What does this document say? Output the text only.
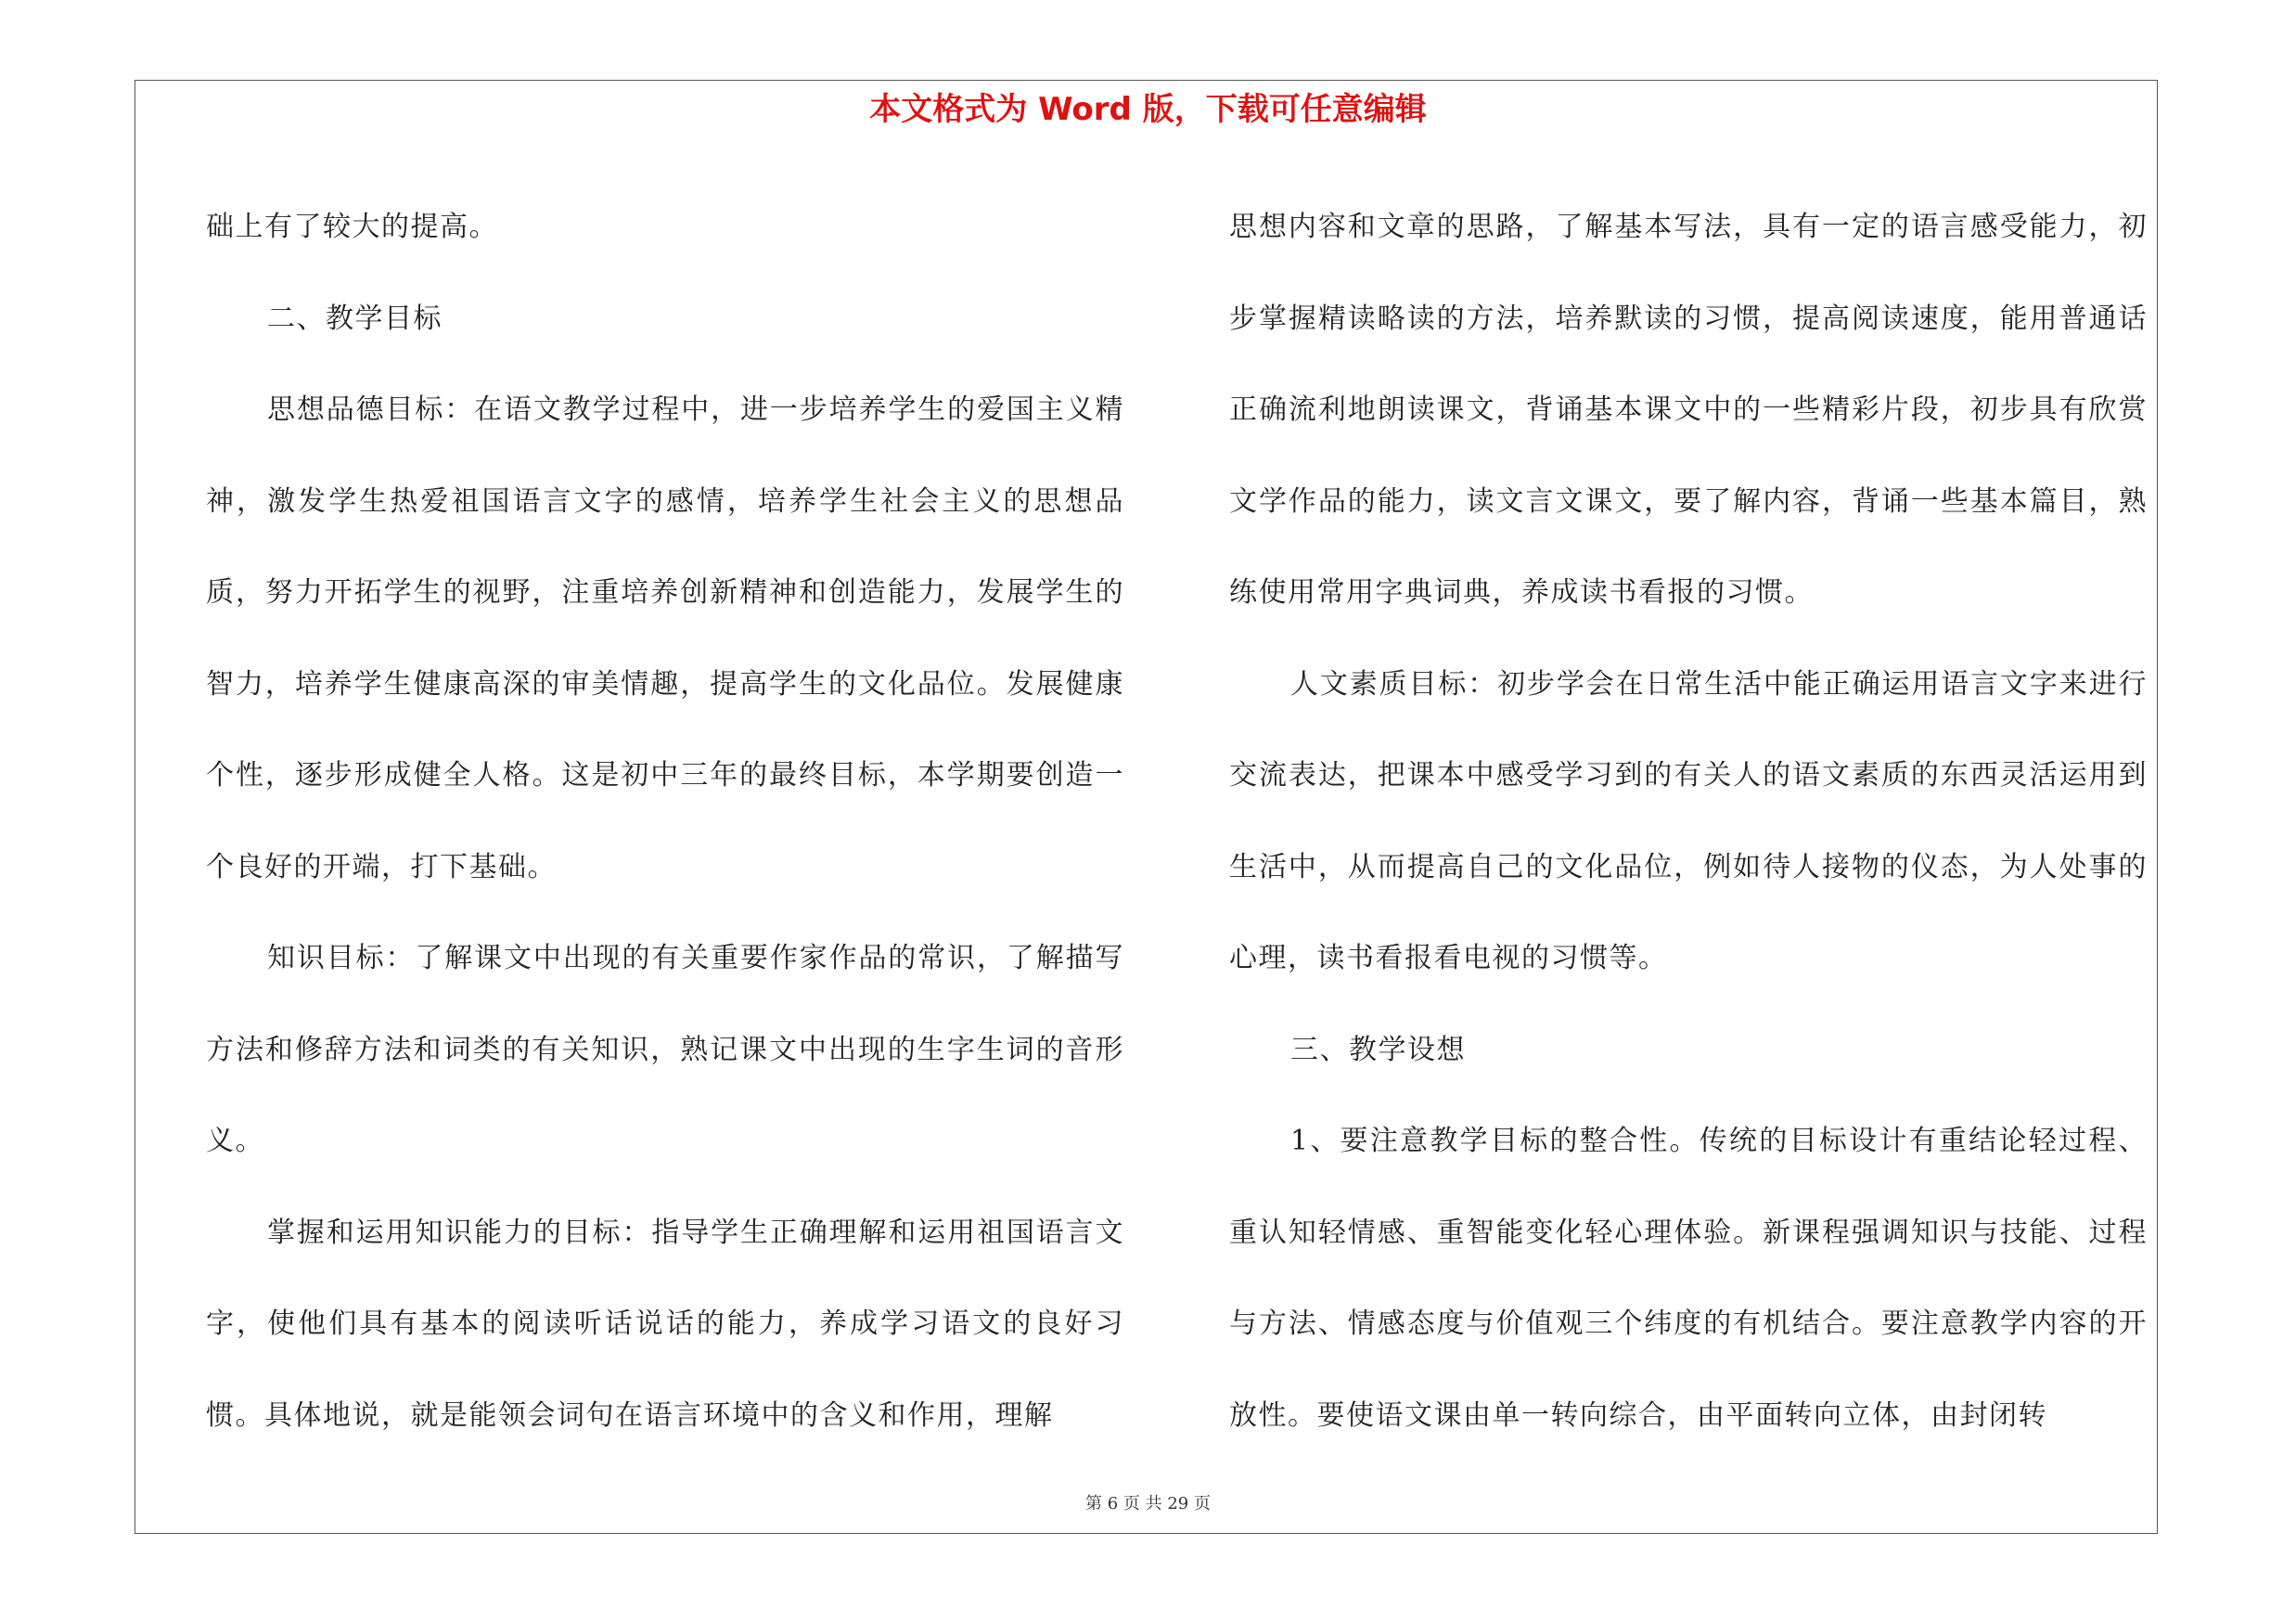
本文格式为 Word 版，下载可任意编辑

础上有了较大的提高。

二、教学目标

思想品德目标：在语文教学过程中，进一步培养学生的爱国主义精神，激发学生热爱祖国语言文字的感情，培养学生社会主义的思想品质，努力开拓学生的视野，注重培养创新精神和创造能力，发展学生的智力，培养学生健康高深的审美情趣，提高学生的文化品位。发展健康个性，逐步形成健全人格。这是初中三年的最终目标，本学期要创造一个良好的开端，打下基础。

知识目标：了解课文中出现的有关重要作家作品的常识，了解描写方法和修辞方法和词类的有关知识，熟记课文中出现的生字生词的音形义。

掌握和运用知识能力的目标：指导学生正确理解和运用祖国语言文字，使他们具有基本的阅读听话说话的能力，养成学习语文的良好习惯。具体地说，就是能领会词句在语言环境中的含义和作用，理解

思想内容和文章的思路，了解基本写法，具有一定的语言感受能力，初步掌握精读略读的方法，培养默读的习惯，提高阅读速度，能用普通话正确流利地朗读课文，背诵基本课文中的一些精彩片段，初步具有欣赏文学作品的能力，读文言文课文，要了解内容，背诵一些基本篇目，熟练使用常用字典词典，养成读书看报的习惯。

人文素质目标：初步学会在日常生活中能正确运用语言文字来进行交流表达，把课本中感受学习到的有关人的语文素质的东西灵活运用到生活中，从而提高自己的文化品位，例如待人接物的仪态，为人处事的心理，读书看报看电视的习惯等。

三、教学设想

1、要注意教学目标的整合性。传统的目标设计有重结论轻过程、重认知轻情感、重智能变化轻心理体验。新课程强调知识与技能、过程与方法、情感态度与价值观三个纬度的有机结合。要注意教学内容的开放性。要使语文课由单一转向综合，由平面转向立体，由封闭转

第 6 页 共 29 页
